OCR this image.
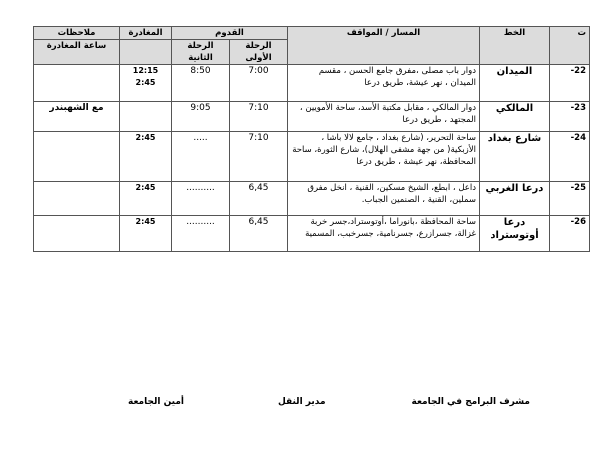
ت	الخط	المسار / المواقف	القدوم		المغادرة	ملاحظات
			الرحلة الأولى	الرحلة الثانية		ساعة المغادرة
-22	الميدان	دوار باب مصلى ،مفرق جامع الحسن ، مقسم الميدان ، نهر عيشة، طريق درعا	7:00	8:50	12:15
2:45	
-23	المالكي	دوار المالكي ، مقابل مكتبة الأسد، ساحة الأمويين ، المجتهد ، طريق درعا	7:10	9:05		مع الشهبندر
-24	شارع بغداد	ساحة التحرير، (شارع بغداد ، جامع لالا باشا ، الأزبكية( من جهة مشفى الهلال)، شارع الثورة، ساحة المحافظة، نهر عيشة ، طريق درعا	7:10	.....	2:45	
-25	درعا الغربي	داعل ، ابطع، الشيخ مسكين، القنية ، انخل مفرق سملين، القنية ، الصنمين الجباب.	6,45	..........	2:45	
-26	درعا أوتوستراد	ساحة المحافظة ،بانوراما ،أوتوستراد،جسر خربة غزالة، جسرازرع، جسرنامية، جسرخبب، المسمية	6,45	..........	2:45	
مشرف البرامج في الجامعة
مدير النقل
أمين الجامعة
